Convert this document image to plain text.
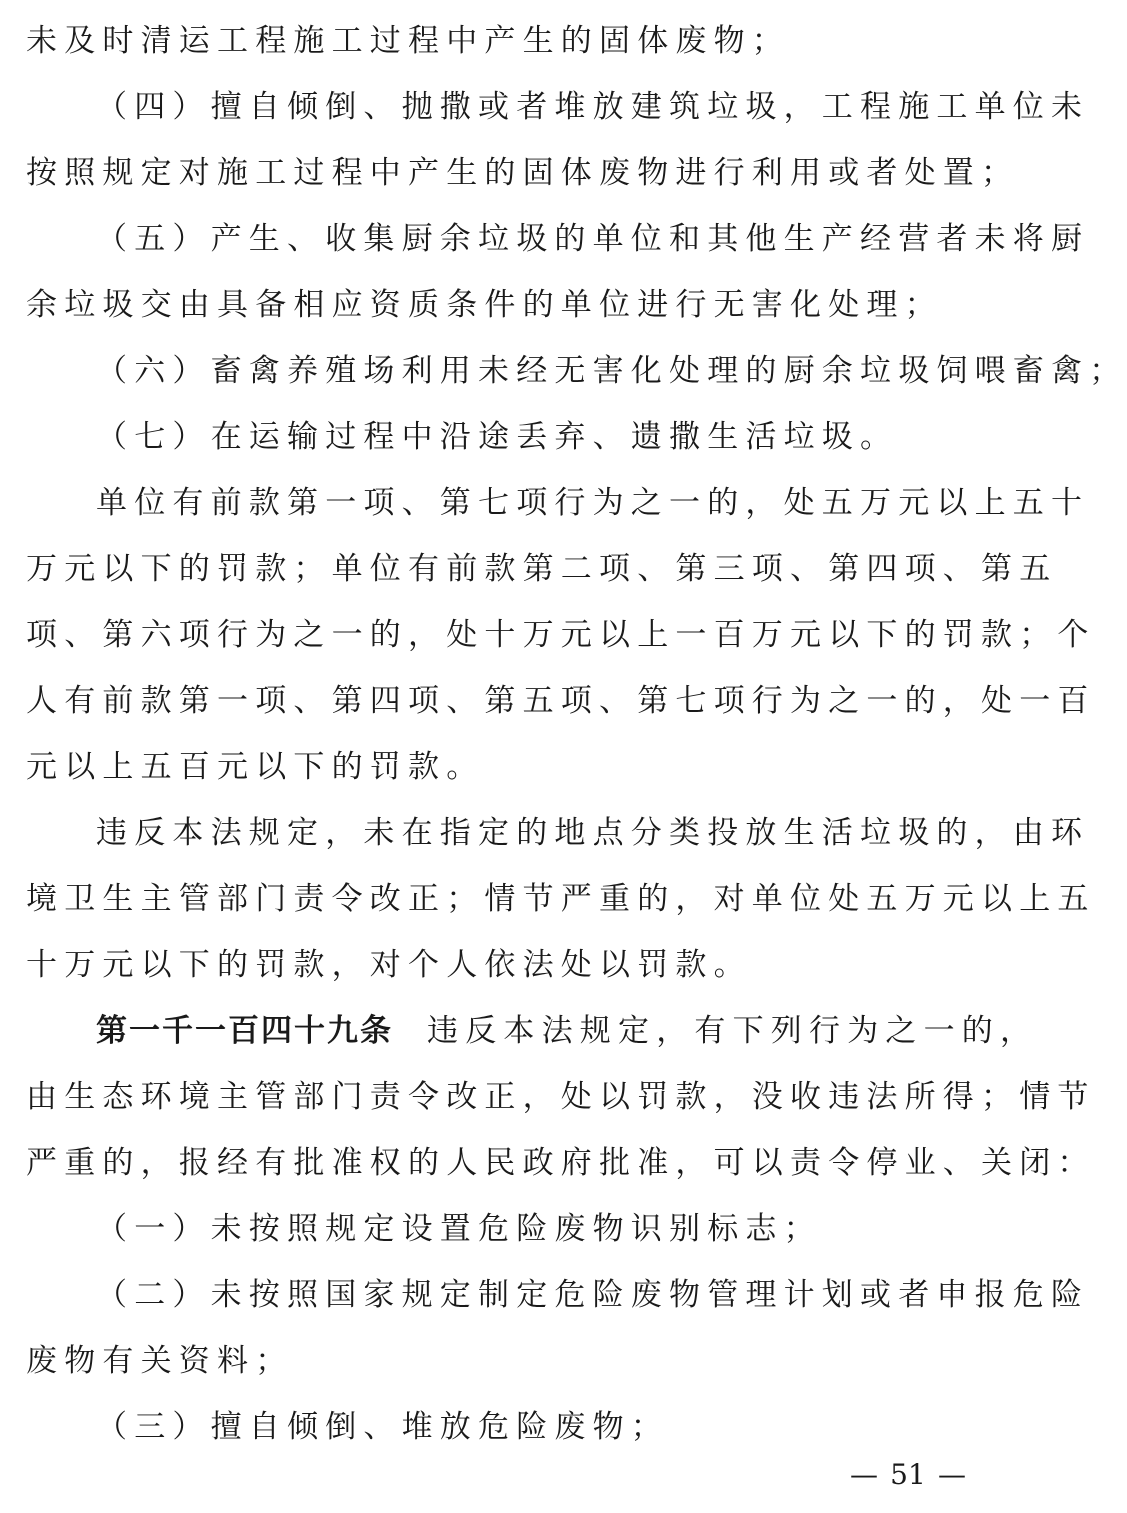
未及时清运工程施工过程中产生的固体废物；
（四）擅自倾倒、抛撒或者堆放建筑垃圾，工程施工单位未
按照规定对施工过程中产生的固体废物进行利用或者处置；
（五）产生、收集厨余垃圾的单位和其他生产经营者未将厨
余垃圾交由具备相应资质条件的单位进行无害化处理；
（六）畜禽养殖场利用未经无害化处理的厨余垃圾饲喂畜禽；
（七）在运输过程中沿途丢弃、遗撒生活垃圾。
单位有前款第一项、第七项行为之一的，处五万元以上五十
万元以下的罚款；单位有前款第二项、第三项、第四项、第五
项、第六项行为之一的，处十万元以上一百万元以下的罚款；个
人有前款第一项、第四项、第五项、第七项行为之一的，处一百
元以上五百元以下的罚款。
违反本法规定，未在指定的地点分类投放生活垃圾的，由环
境卫生主管部门责令改正；情节严重的，对单位处五万元以上五
十万元以下的罚款，对个人依法处以罚款。
第一千一百四十九条 违反本法规定，有下列行为之一的，
由生态环境主管部门责令改正，处以罚款，没收违法所得；情节
严重的，报经有批准权的人民政府批准，可以责令停业、关闭：
（一）未按照规定设置危险废物识别标志；
（二）未按照国家规定制定危险废物管理计划或者申报危险
废物有关资料；
（三）擅自倾倒、堆放危险废物；
— 51 —
